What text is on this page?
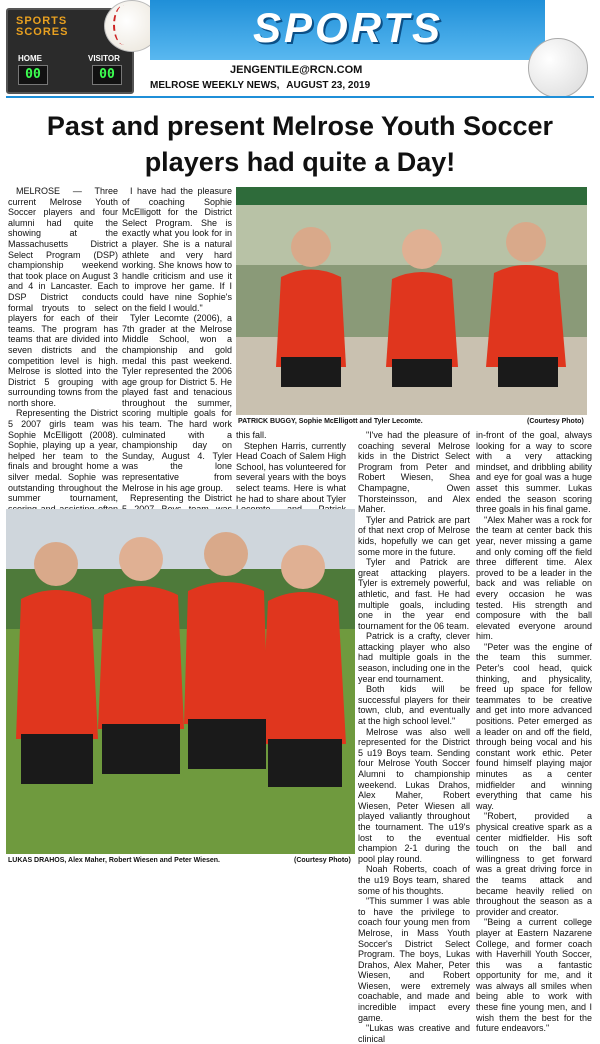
SPORTS
SCORES
HOME	VISITOR
00	00
SPORTS
JENGENTILE@RCN.COM
MELROSE WEEKLY NEWS, AUGUST 23, 2019
Past and present Melrose Youth Soccer
players had quite a Day!

MELROSE — Three current Melrose Youth Soccer players and four alumni had quite the showing at the Massachusetts District Select Program (DSP) championship weekend that took place on August 3 and 4 in Lancaster. Each DSP District conducts formal tryouts to select players for each of their teams. The program has teams that are divided into seven districts and the competition level is high. Melrose is slotted into the District 5 grouping with surrounding towns from the north shore.

Representing the District 5 2007 girls team was Sophie McElligott (2008). Sophie, playing up a year, helped her team to the finals and brought home a silver medal. Sophie was outstanding throughout the summer tournament,

I have had the pleasure of coaching Sophie McElligott for the District Select Program. She is exactly what you look for in a player. She is a natural athlete and very hard working. She knows how to handle criticism and use it to improve her game. If I could have nine Sophie's on the field I would."

Tyler Lecomte (2006), a 7th grader at the Melrose Middle School, won a championship and gold medal this past weekend. Tyler represented the 2006 age group for District 5. He played fast and tenacious throughout the summer, scoring multiple goals for his team. The hard work culminated with a championship day on Sunday, August 4. Tyler was the lone representative from Melrose in his age group.

Representing the District

PATRICK BUGGY, Sophie McElligott and Tyler Lecomte.	(Courtesy Photo)

this fall.

Stephen Harris, currently Head Coach of Salem High School, has volunteered for several years with the boys select teams. Here is what he had to share about Tyler

"I've had the pleasure of coaching several Melrose kids in the District Select Program from Peter and Robert Wiesen, Shea Champagne, Owen Thorsteinsson, and Alex Maher.

Tyler and Patrick are part of that next crop of Melrose kids, hopefully we can get some more in the future.

Tyler and Patrick are great attacking players. Tyler is extremely powerful, athletic, and fast. He had multiple goals, including one in the year end tournament for the 06 team.

Patrick is a crafty, clever attacking player who also had multiple goals in the season, including one in the year end tournament.

Both kids will be successful players for their town, club, and eventually at the high school level."

Melrose was also well represented for the District 5 u19 Boys team. Sending four Melrose Youth Soccer Alumni to championship weekend. Lukas Drahos, Alex Maher, Robert Wiesen, Peter Wiesen all played valiantly throughout the tournament. The u19's lost to the eventual champion 2-1 during the pool play round.

Noah Roberts, coach of the u19 Boys team, shared some of his thoughts.

"This summer I was able to have the privilege to coach four young men from Melrose, in Mass Youth Soccer's District Select Program. The boys, Lukas Drahos, Alex Maher, Peter Wiesen, and Robert Wiesen, were extremely coachable, and made and incredible impact every game.

"Lukas was creative and clinical

in-front of the goal, always looking for a way to score with a very attacking mindset, and dribbling ability and eye for goal was a huge asset this summer. Lukas ended the season scoring three goals in his final game.

"Alex Maher was a rock for the team at center back this year, never missing a game and only coming off the field three different time. Alex proved to be a leader in the back and was reliable on every occasion he was tested. His strength and composure with the ball elevated everyone around him.

"Peter was the engine of the team this summer. Peter's cool head, quick thinking, and physicality, freed up space for fellow teammates to be creative and get into more advanced positions. Peter emerged as a leader on and off the field, through being vocal and his constant work ethic. Peter found himself playing major minutes as a center midfielder and winning everything that came his way.

"Robert, provided a physical creative spark as a center midfielder. His soft touch on the ball and willingness to get forward was a great driving force in the teams attack and became heavily relied on throughout the season as a provider and creator.

"Being a current college player at Eastern Nazarene College, and former coach with Haverhill Youth Soccer, this was a fantastic opportunity for me, and it was always all smiles when being able to work with these fine young men, and I wish them the best for the future endeavors."

LUKAS DRAHOS, Alex Maher, Robert Wiesen and Peter Wiesen.	(Courtesy Photo)
